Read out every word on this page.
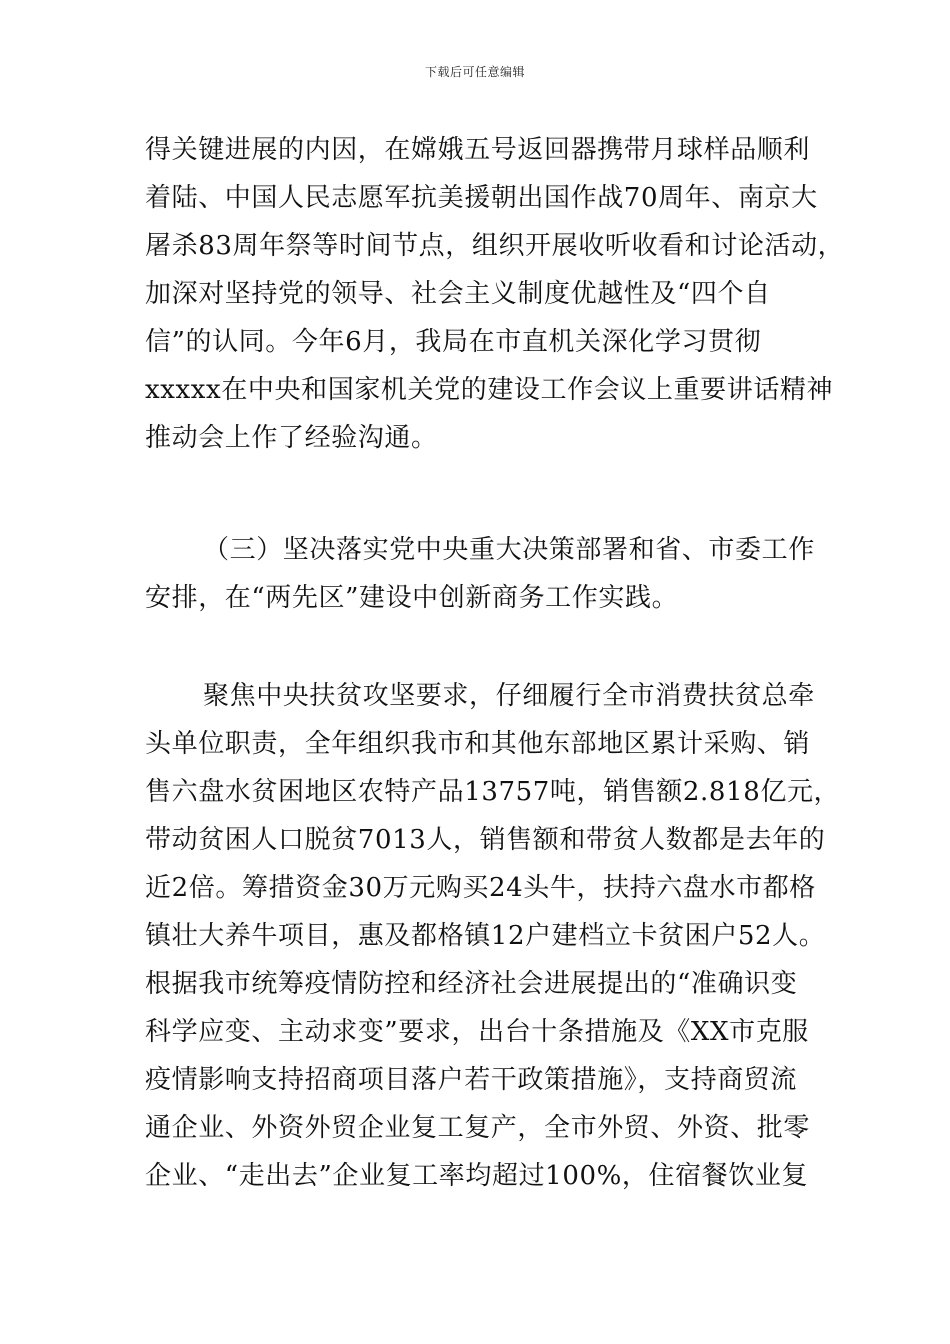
下载后可任意编辑
得关键进展的内因，在嫦娥五号返回器携带月球样品顺利
着陆、中国人民志愿军抗美援朝出国作战70周年、南京大
屠杀83周年祭等时间节点，组织开展收听收看和讨论活动，
加深对坚持党的领导、社会主义制度优越性及“四个自
信”的认同。今年6月，我局在市直机关深化学习贯彻
xxxxx在中央和国家机关党的建设工作会议上重要讲话精神
推动会上作了经验沟通。
（三）坚决落实党中央重大决策部署和省、市委工作
安排，在“两先区”建设中创新商务工作实践。
聚焦中央扶贫攻坚要求，仔细履行全市消费扶贫总牵
头单位职责，全年组织我市和其他东部地区累计采购、销
售六盘水贫困地区农特产品13757吨，销售额2.818亿元，
带动贫困人口脱贫7013人，销售额和带贫人数都是去年的
近2倍。筹措资金30万元购买24头牛，扶持六盘水市都格
镇壮大养牛项目，惠及都格镇12户建档立卡贫困户52人。
根据我市统筹疫情防控和经济社会进展提出的“准确识变
科学应变、主动求变”要求，出台十条措施及《XX市克服
疫情影响支持招商项目落户若干政策措施》，支持商贸流
通企业、外资外贸企业复工复产，全市外贸、外资、批零
企业、“走出去”企业复工率均超过100%，住宿餐饮业复
